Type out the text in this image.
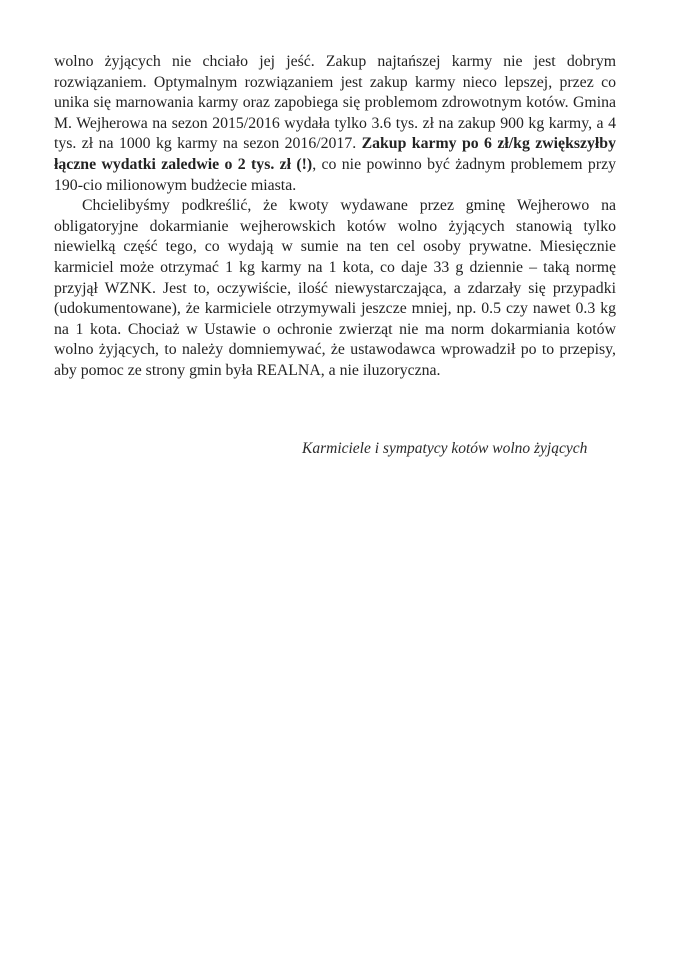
wolno żyjących nie chciało jej jeść. Zakup najtańszej karmy nie jest dobrym rozwiązaniem. Optymalnym rozwiązaniem jest zakup karmy nieco lepszej, przez co unika się marnowania karmy oraz zapobiega się problemom zdrowotnym kotów. Gmina M. Wejherowa na sezon 2015/2016 wydała tylko 3.6 tys. zł na zakup 900 kg karmy, a 4 tys. zł na 1000 kg karmy na sezon 2016/2017. Zakup karmy po 6 zł/kg zwiększyłby łączne wydatki zaledwie o 2 tys. zł (!), co nie powinno być żadnym problemem przy 190-cio milionowym budżecie miasta.

Chcielibyśmy podkreślić, że kwoty wydawane przez gminę Wejherowo na obligatoryjne dokarmianie wejherowskich kotów wolno żyjących stanowią tylko niewielką część tego, co wydają w sumie na ten cel osoby prywatne. Miesięcznie karmiciel może otrzymać 1 kg karmy na 1 kota, co daje 33 g dziennie – taką normę przyjął WZNK. Jest to, oczywiście, ilość niewystarczająca, a zdarzały się przypadki (udokumentowane), że karmiciele otrzymywali jeszcze mniej, np. 0.5 czy nawet 0.3 kg na 1 kota. Chociaż w Ustawie o ochronie zwierząt nie ma norm dokarmiania kotów wolno żyjących, to należy domniemywać, że ustawodawca wprowadził po to przepisy, aby pomoc ze strony gmin była REALNA, a nie iluzoryczna.

Karmiciele i sympatycy kotów wolno żyjących
